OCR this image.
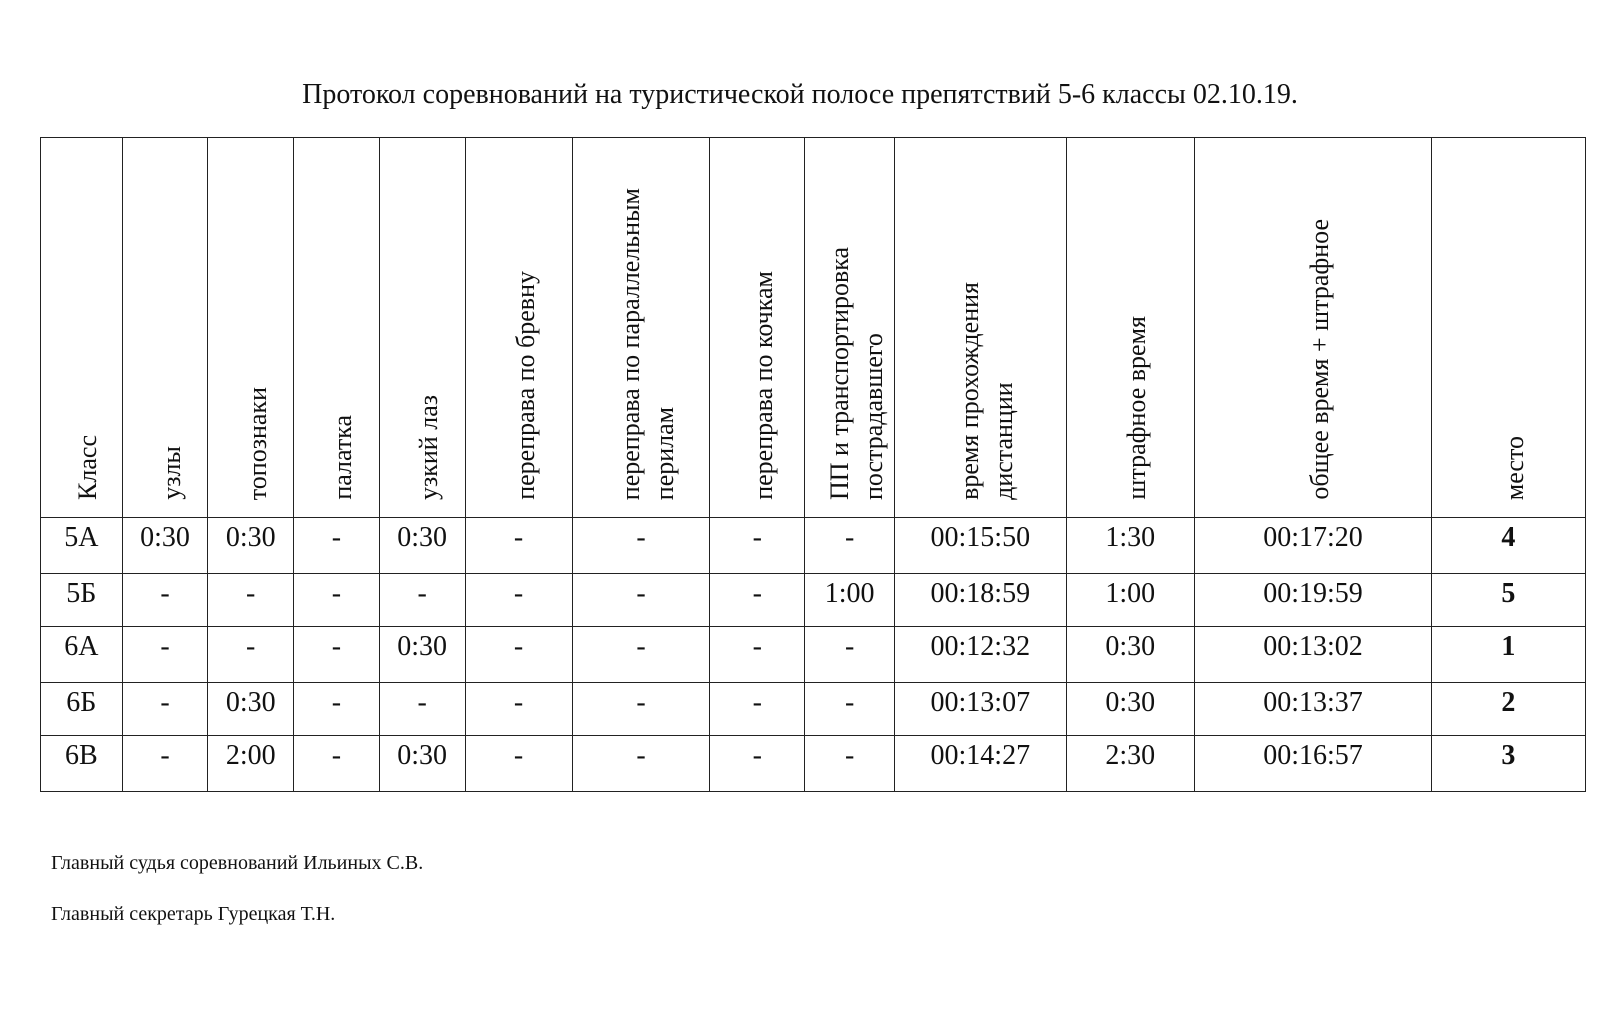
Протокол соревнований на туристической полосе препятствий 5-6 классы 02.10.19.
Класс	узлы	топознаки	палатка	узкий лаз	переправа по бревну	переправа по параллельным перилам	переправа по кочкам	ПП и транспортировка пострадавшего	время прохождения дистанции	штрафное время	общее время + штрафное	место
5А	0:30	0:30	-	0:30	-	-	-	-	00:15:50	1:30	00:17:20	4
5Б	-	-	-	-	-	-	-	1:00	00:18:59	1:00	00:19:59	5
6А	-	-	-	0:30	-	-	-	-	00:12:32	0:30	00:13:02	1
6Б	-	0:30	-	-	-	-	-	-	00:13:07	0:30	00:13:37	2
6В	-	2:00	-	0:30	-	-	-	-	00:14:27	2:30	00:16:57	3
Главный судья соревнований Ильиных С.В.
Главный секретарь Гурецкая Т.Н.
